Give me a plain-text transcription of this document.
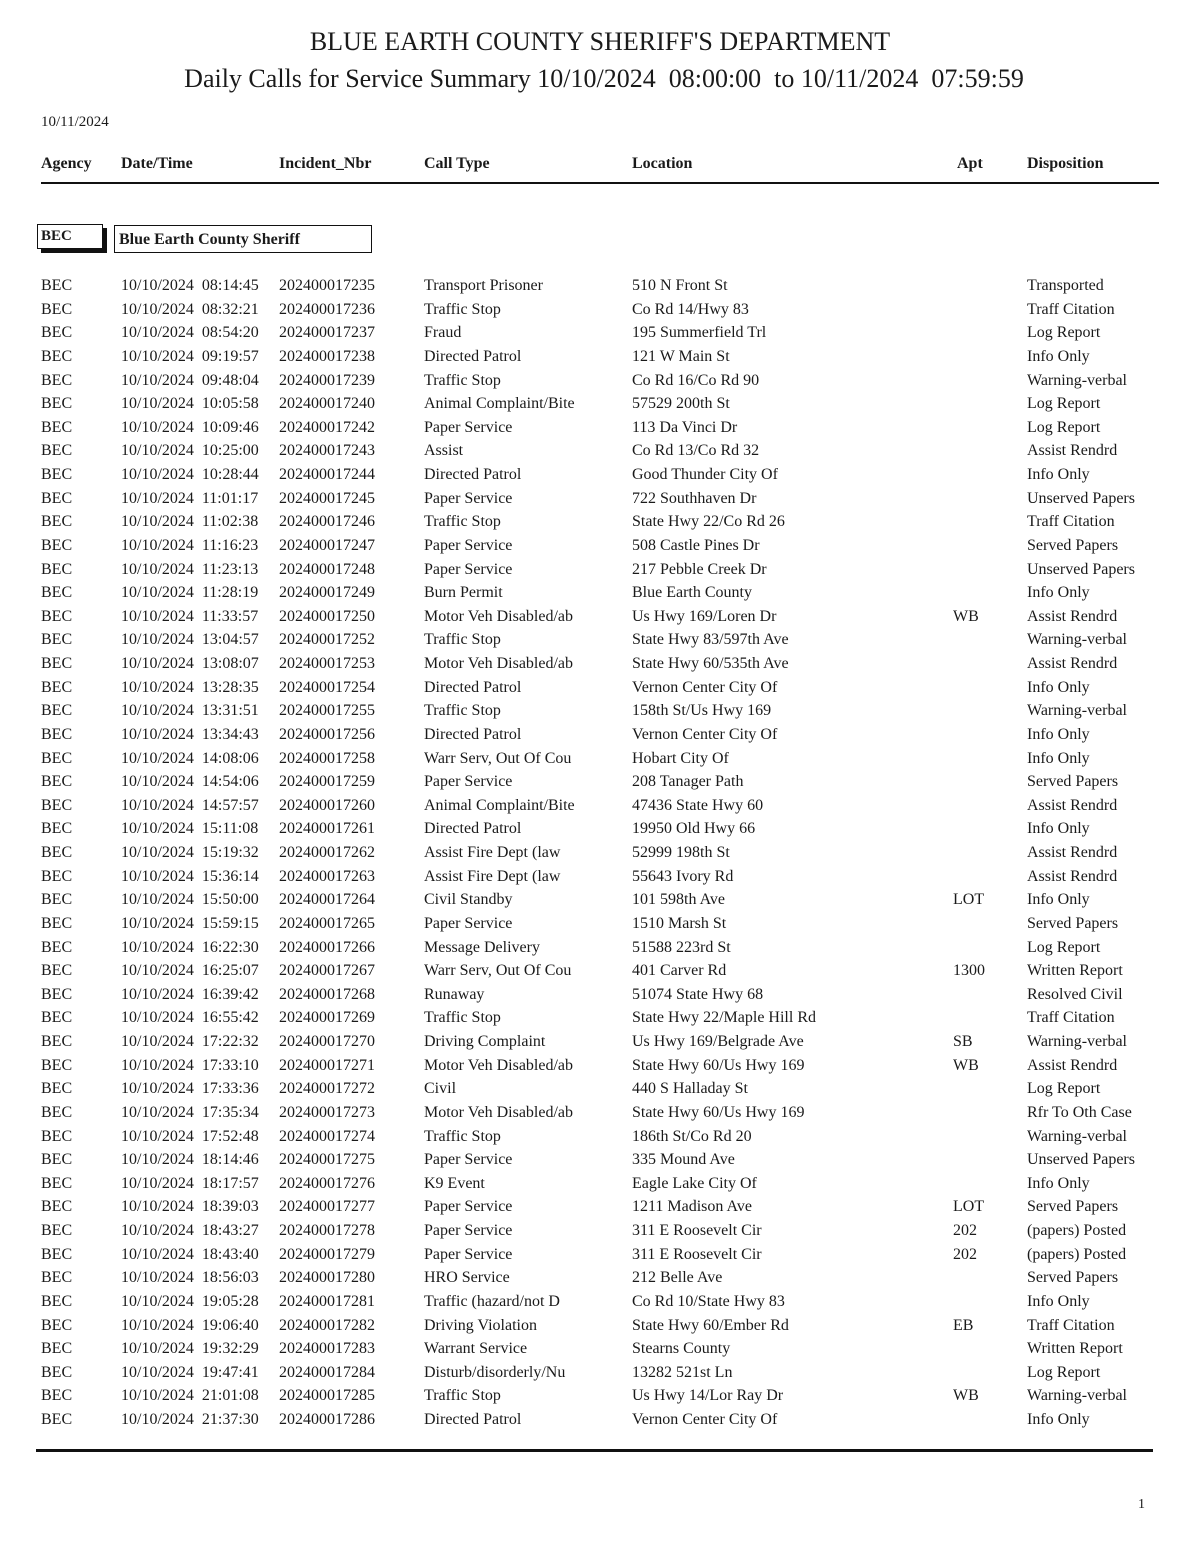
BLUE EARTH COUNTY SHERIFF'S DEPARTMENT
Daily Calls for Service Summary 10/10/2024  08:00:00  to 10/11/2024  07:59:59
10/11/2024
Agency Date/Time	Incident_Nbr	Call Type	Location	Apt	Disposition
BEC	Blue Earth County Sheriff
BEC	10/10/2024  08:14:45 202400017235	Transport Prisoner	510 N Front St	Transported
BEC	10/10/2024  08:32:21 202400017236	Traffic Stop	Co Rd 14/Hwy 83	Traff Citation
BEC	10/10/2024  08:54:20 202400017237	Fraud	195 Summerfield Trl	Log Report
BEC	10/10/2024  09:19:57 202400017238	Directed Patrol	121 W Main St	Info Only
BEC	10/10/2024  09:48:04 202400017239	Traffic Stop	Co Rd 16/Co Rd 90	Warning-verbal
BEC	10/10/2024  10:05:58 202400017240	Animal Complaint/Bite	57529 200th St	Log Report
BEC	10/10/2024  10:09:46 202400017242	Paper Service	113 Da Vinci Dr	Log Report
BEC	10/10/2024  10:25:00 202400017243	Assist	Co Rd 13/Co Rd 32	Assist Rendrd
BEC	10/10/2024  10:28:44 202400017244	Directed Patrol	Good Thunder City Of	Info Only
BEC	10/10/2024  11:01:17 202400017245	Paper Service	722 Southhaven Dr	Unserved Papers
BEC	10/10/2024  11:02:38 202400017246	Traffic Stop	State Hwy 22/Co Rd 26	Traff Citation
BEC	10/10/2024  11:16:23 202400017247	Paper Service	508 Castle Pines Dr	Served Papers
BEC	10/10/2024  11:23:13 202400017248	Paper Service	217 Pebble Creek Dr	Unserved Papers
BEC	10/10/2024  11:28:19 202400017249	Burn Permit	Blue Earth County	Info Only
BEC	10/10/2024  11:33:57 202400017250	Motor Veh Disabled/ab	Us Hwy 169/Loren Dr	WB	Assist Rendrd
BEC	10/10/2024  13:04:57 202400017252	Traffic Stop	State Hwy 83/597th Ave	Warning-verbal
BEC	10/10/2024  13:08:07 202400017253	Motor Veh Disabled/ab	State Hwy 60/535th Ave	Assist Rendrd
BEC	10/10/2024  13:28:35 202400017254	Directed Patrol	Vernon Center City Of	Info Only
BEC	10/10/2024  13:31:51 202400017255	Traffic Stop	158th St/Us Hwy 169	Warning-verbal
BEC	10/10/2024  13:34:43 202400017256	Directed Patrol	Vernon Center City Of	Info Only
BEC	10/10/2024  14:08:06 202400017258	Warr Serv, Out Of Cou	Hobart City Of	Info Only
BEC	10/10/2024  14:54:06 202400017259	Paper Service	208 Tanager Path	Served Papers
BEC	10/10/2024  14:57:57 202400017260	Animal Complaint/Bite	47436 State Hwy 60	Assist Rendrd
BEC	10/10/2024  15:11:08 202400017261	Directed Patrol	19950 Old Hwy 66	Info Only
BEC	10/10/2024  15:19:32 202400017262	Assist Fire Dept (law	52999 198th St	Assist Rendrd
BEC	10/10/2024  15:36:14 202400017263	Assist Fire Dept (law	55643 Ivory Rd	Assist Rendrd
BEC	10/10/2024  15:50:00 202400017264	Civil Standby	101 598th Ave	LOT	Info Only
BEC	10/10/2024  15:59:15 202400017265	Paper Service	1510 Marsh St	Served Papers
BEC	10/10/2024  16:22:30 202400017266	Message Delivery	51588 223rd St	Log Report
BEC	10/10/2024  16:25:07 202400017267	Warr Serv, Out Of Cou	401 Carver Rd	1300	Written Report
BEC	10/10/2024  16:39:42 202400017268	Runaway	51074 State Hwy 68	Resolved Civil
BEC	10/10/2024  16:55:42 202400017269	Traffic Stop	State Hwy 22/Maple Hill Rd	Traff Citation
BEC	10/10/2024  17:22:32 202400017270	Driving Complaint	Us Hwy 169/Belgrade Ave	SB	Warning-verbal
BEC	10/10/2024  17:33:10 202400017271	Motor Veh Disabled/ab	State Hwy 60/Us Hwy 169	WB	Assist Rendrd
BEC	10/10/2024  17:33:36 202400017272	Civil	440 S Halladay St	Log Report
BEC	10/10/2024  17:35:34 202400017273	Motor Veh Disabled/ab	State Hwy 60/Us Hwy 169	Rfr To Oth Case
BEC	10/10/2024  17:52:48 202400017274	Traffic Stop	186th St/Co Rd 20	Warning-verbal
BEC	10/10/2024  18:14:46 202400017275	Paper Service	335 Mound Ave	Unserved Papers
BEC	10/10/2024  18:17:57 202400017276	K9 Event	Eagle Lake City Of	Info Only
BEC	10/10/2024  18:39:03 202400017277	Paper Service	1211 Madison Ave	LOT	Served Papers
BEC	10/10/2024  18:43:27 202400017278	Paper Service	311 E Roosevelt Cir	202	(papers) Posted
BEC	10/10/2024  18:43:40 202400017279	Paper Service	311 E Roosevelt Cir	202	(papers) Posted
BEC	10/10/2024  18:56:03 202400017280	HRO Service	212 Belle Ave	Served Papers
BEC	10/10/2024  19:05:28 202400017281	Traffic (hazard/not D	Co Rd 10/State Hwy 83	Info Only
BEC	10/10/2024  19:06:40 202400017282	Driving Violation	State Hwy 60/Ember Rd	EB	Traff Citation
BEC	10/10/2024  19:32:29 202400017283	Warrant Service	Stearns County	Written Report
BEC	10/10/2024  19:47:41 202400017284	Disturb/disorderly/Nu	13282 521st Ln	Log Report
BEC	10/10/2024  21:01:08 202400017285	Traffic Stop	Us Hwy 14/Lor Ray Dr	WB	Warning-verbal
BEC	10/10/2024  21:37:30 202400017286	Directed Patrol	Vernon Center City Of	Info Only
1
